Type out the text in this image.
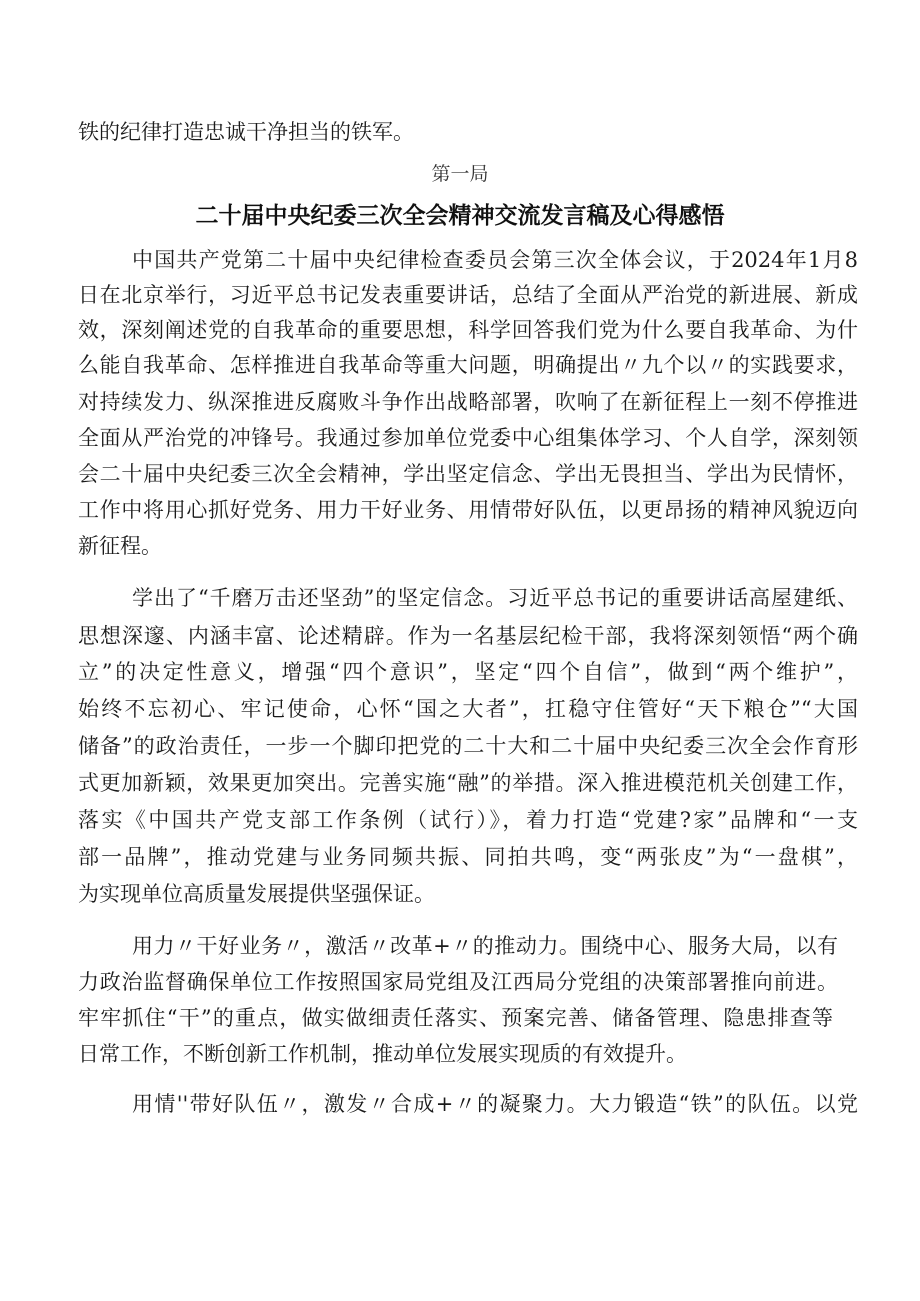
铁的纪律打造忠诚干净担当的铁军。
第一局
二十届中央纪委三次全会精神交流发言稿及心得感悟
中国共产党第二十届中央纪律检查委员会第三次全体会议，于2024年1月8
日在北京举行，习近平总书记发表重要讲话，总结了全面从严治党的新进展、新成
效，深刻阐述党的自我革命的重要思想，科学回答我们党为什么要自我革命、为什
么能自我革命、怎样推进自我革命等重大问题，明确提出〃九个以〃的实践要求，
对持续发力、纵深推进反腐败斗争作出战略部署，吹响了在新征程上一刻不停推进
全面从严治党的冲锋号。我通过参加单位党委中心组集体学习、个人自学，深刻领
会二十届中央纪委三次全会精神，学出坚定信念、学出无畏担当、学出为民情怀，
工作中将用心抓好党务、用力干好业务、用情带好队伍，以更昂扬的精神风貌迈向
新征程。
学出了“千磨万击还坚劲”的坚定信念。习近平总书记的重要讲话高屋建纸、
思想深邃、内涵丰富、论述精辟。作为一名基层纪检干部，我将深刻领悟“两个确
立”的决定性意义，增强“四个意识”，坚定“四个自信”，做到“两个维护”，
始终不忘初心、牢记使命，心怀“国之大者”，扛稳守住管好“天下粮仓”“大国
储备”的政治责任，一步一个脚印把党的二十大和二十届中央纪委三次全会作育形
式更加新颖，效果更加突出。完善实施“融”的举措。深入推进模范机关创建工作，
落实《中国共产党支部工作条例（试行）》，着力打造“党建?家”品牌和“一支
部一品牌”，推动党建与业务同频共振、同拍共鸣，变“两张皮”为“一盘棋”，
为实现单位高质量发展提供坚强保证。
用力〃干好业务〃，激活〃改革+〃的推动力。围绕中心、服务大局，以有
力政治监督确保单位工作按照国家局党组及江西局分党组的决策部署推向前进。
牢牢抓住“干”的重点，做实做细责任落实、预案完善、储备管理、隐患排查等
日常工作，不断创新工作机制，推动单位发展实现质的有效提升。
用情''带好队伍〃，激发〃合成+〃的凝聚力。大力锻造“铁”的队伍。以党
